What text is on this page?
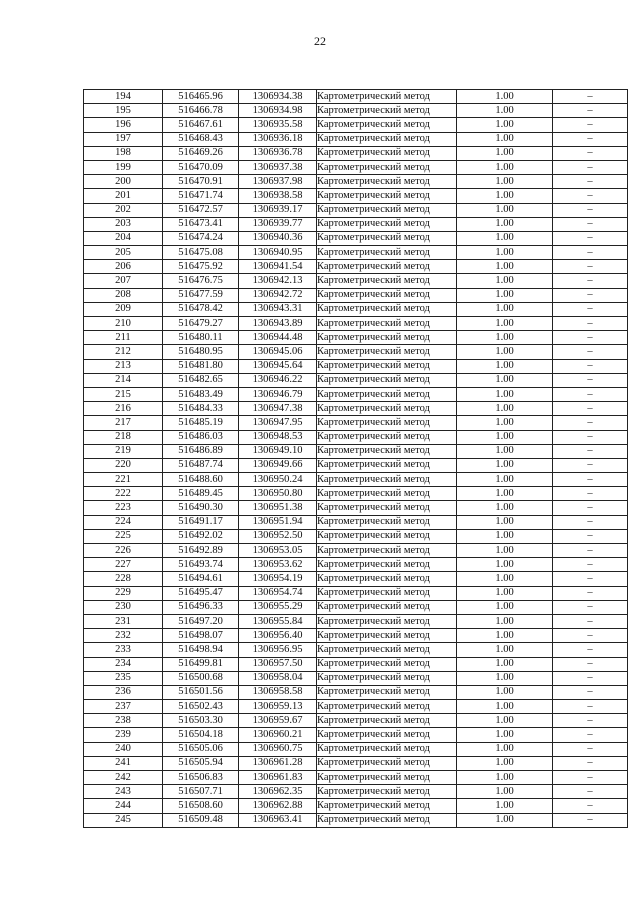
22
194	516465.96	1306934.38	Картометрический метод	1.00	–
195	516466.78	1306934.98	Картометрический метод	1.00	–
196	516467.61	1306935.58	Картометрический метод	1.00	–
197	516468.43	1306936.18	Картометрический метод	1.00	–
198	516469.26	1306936.78	Картометрический метод	1.00	–
199	516470.09	1306937.38	Картометрический метод	1.00	–
200	516470.91	1306937.98	Картометрический метод	1.00	–
201	516471.74	1306938.58	Картометрический метод	1.00	–
202	516472.57	1306939.17	Картометрический метод	1.00	–
203	516473.41	1306939.77	Картометрический метод	1.00	–
204	516474.24	1306940.36	Картометрический метод	1.00	–
205	516475.08	1306940.95	Картометрический метод	1.00	–
206	516475.92	1306941.54	Картометрический метод	1.00	–
207	516476.75	1306942.13	Картометрический метод	1.00	–
208	516477.59	1306942.72	Картометрический метод	1.00	–
209	516478.42	1306943.31	Картометрический метод	1.00	–
210	516479.27	1306943.89	Картометрический метод	1.00	–
211	516480.11	1306944.48	Картометрический метод	1.00	–
212	516480.95	1306945.06	Картометрический метод	1.00	–
213	516481.80	1306945.64	Картометрический метод	1.00	–
214	516482.65	1306946.22	Картометрический метод	1.00	–
215	516483.49	1306946.79	Картометрический метод	1.00	–
216	516484.33	1306947.38	Картометрический метод	1.00	–
217	516485.19	1306947.95	Картометрический метод	1.00	–
218	516486.03	1306948.53	Картометрический метод	1.00	–
219	516486.89	1306949.10	Картометрический метод	1.00	–
220	516487.74	1306949.66	Картометрический метод	1.00	–
221	516488.60	1306950.24	Картометрический метод	1.00	–
222	516489.45	1306950.80	Картометрический метод	1.00	–
223	516490.30	1306951.38	Картометрический метод	1.00	–
224	516491.17	1306951.94	Картометрический метод	1.00	–
225	516492.02	1306952.50	Картометрический метод	1.00	–
226	516492.89	1306953.05	Картометрический метод	1.00	–
227	516493.74	1306953.62	Картометрический метод	1.00	–
228	516494.61	1306954.19	Картометрический метод	1.00	–
229	516495.47	1306954.74	Картометрический метод	1.00	–
230	516496.33	1306955.29	Картометрический метод	1.00	–
231	516497.20	1306955.84	Картометрический метод	1.00	–
232	516498.07	1306956.40	Картометрический метод	1.00	–
233	516498.94	1306956.95	Картометрический метод	1.00	–
234	516499.81	1306957.50	Картометрический метод	1.00	–
235	516500.68	1306958.04	Картометрический метод	1.00	–
236	516501.56	1306958.58	Картометрический метод	1.00	–
237	516502.43	1306959.13	Картометрический метод	1.00	–
238	516503.30	1306959.67	Картометрический метод	1.00	–
239	516504.18	1306960.21	Картометрический метод	1.00	–
240	516505.06	1306960.75	Картометрический метод	1.00	–
241	516505.94	1306961.28	Картометрический метод	1.00	–
242	516506.83	1306961.83	Картометрический метод	1.00	–
243	516507.71	1306962.35	Картометрический метод	1.00	–
244	516508.60	1306962.88	Картометрический метод	1.00	–
245	516509.48	1306963.41	Картометрический метод	1.00	–
